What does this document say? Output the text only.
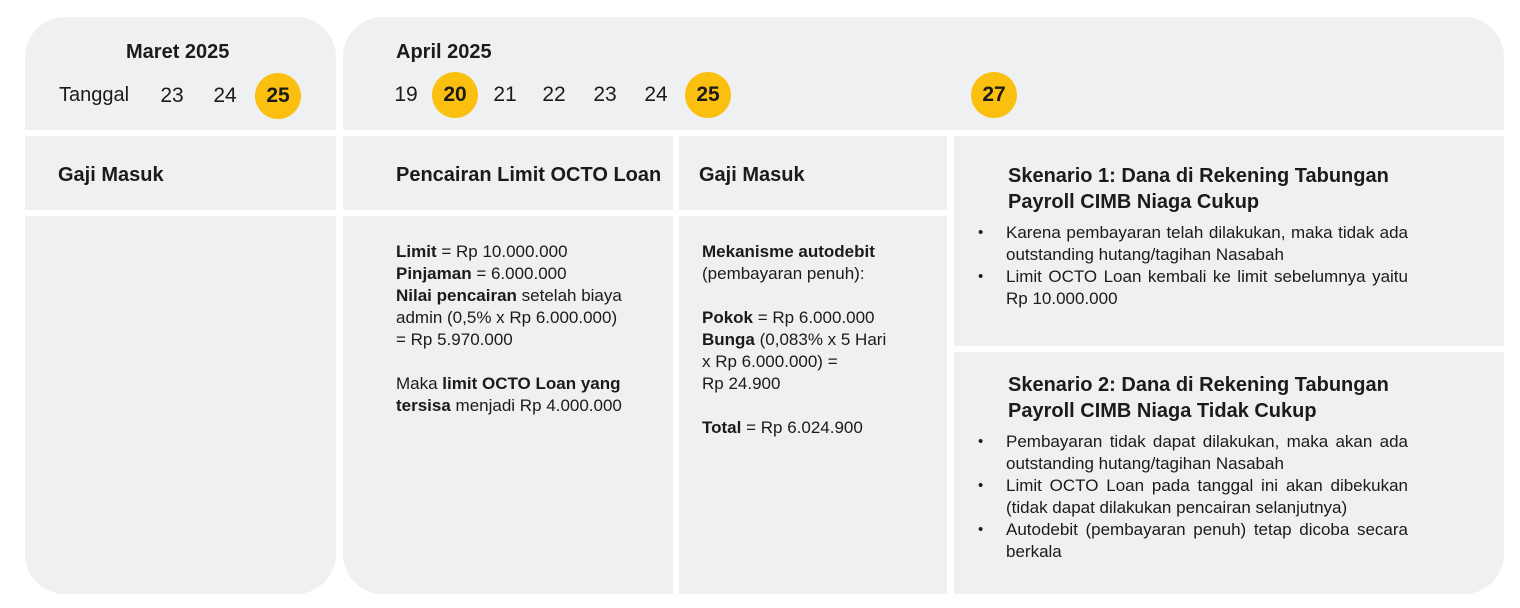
Maret 2025
Tanggal	23	24	25
Gaji Masuk
April 2025
19	20	21	22	23	24	25	27
Pencairan Limit OCTO Loan

Limit = Rp 10.000.000

Pinjaman = 6.000.000

Nilai pencairan setelah biaya

admin (0,5% x Rp 6.000.000)

= Rp 5.970.000

Maka limit OCTO Loan yang

tersisa menjadi Rp 4.000.000

Gaji Masuk

Mekanisme autodebit

(pembayaran penuh):

Pokok = Rp 6.000.000

Bunga (0,083% x 5 Hari

x Rp 6.000.000) =

Rp 24.900

Total = Rp 6.024.900

Skenario 1: Dana di Rekening Tabungan
Payroll CIMB Niaga Cukup
• Karena pembayaran telah dilakukan, maka tidak ada outstanding hutang/tagihan Nasabah
• Limit OCTO Loan kembali ke limit sebelumnya yaitu Rp 10.000.000
Skenario 2: Dana di Rekening Tabungan
Payroll CIMB Niaga Tidak Cukup
• Pembayaran tidak dapat dilakukan, maka akan ada outstanding hutang/tagihan Nasabah
• Limit OCTO Loan pada tanggal ini akan dibekukan (tidak dapat dilakukan pencairan selanjutnya)
• Autodebit (pembayaran penuh) tetap dicoba secara berkala
